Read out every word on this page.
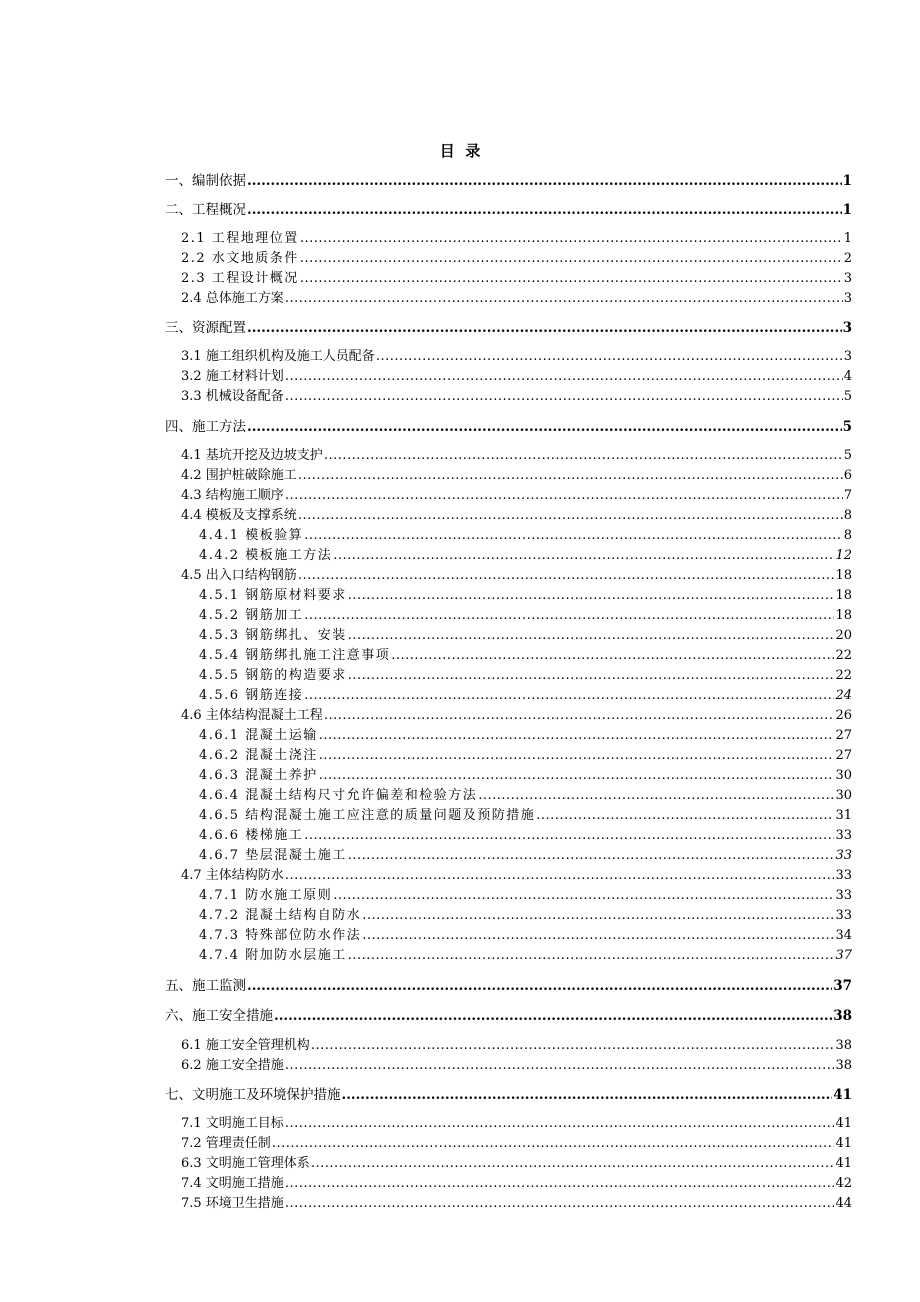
目  录
一、编制依据 .....	1
二、工程概况 .....	1
2.1 工程地理位置 .....	1
2.2 水文地质条件 .....	2
2.3 工程设计概况 .....	3
2.4 总体施工方案 .....	3
三、资源配置 .....	3
3.1 施工组织机构及施工人员配备 .....	3
3.2 施工材料计划 .....	4
3.3 机械设备配备 .....	5
四、施工方法 .....	5
4.1 基坑开挖及边坡支护 .....	5
4.2 围护桩破除施工 .....	6
4.3 结构施工顺序 .....	7
4.4 模板及支撑系统 .....	8
4.4.1 模板验算 .....	8
4.4.2 模板施工方法 .....	12
4.5 出入口结构钢筋 .....	18
4.5.1 钢筋原材料要求 .....	18
4.5.2 钢筋加工 .....	18
4.5.3 钢筋绑扎、安装 .....	20
4.5.4 钢筋绑扎施工注意事项 .....	22
4.5.5 钢筋的构造要求 .....	22
4.5.6 钢筋连接 .....	24
4.6 主体结构混凝土工程 .....	26
4.6.1 混凝土运输 .....	27
4.6.2 混凝土浇注 .....	27
4.6.3 混凝土养护 .....	30
4.6.4 混凝土结构尺寸允许偏差和检验方法 .....	30
4.6.5 结构混凝土施工应注意的质量问题及预防措施 .....	31
4.6.6 楼梯施工 .....	33
4.6.7 垫层混凝土施工 .....	33
4.7 主体结构防水 .....	33
4.7.1 防水施工原则 .....	33
4.7.2 混凝土结构自防水 .....	33
4.7.3 特殊部位防水作法 .....	34
4.7.4 附加防水层施工 .....	37
五、施工监测 .....	37
六、施工安全措施 .....	38
6.1 施工安全管理机构 .....	38
6.2 施工安全措施 .....	38
七、文明施工及环境保护措施 .....	41
7.1 文明施工目标 .....	41
7.2 管理责任制 .....	41
6.3 文明施工管理体系 .....	41
7.4 文明施工措施 .....	42
7.5 环境卫生措施 .....	44
